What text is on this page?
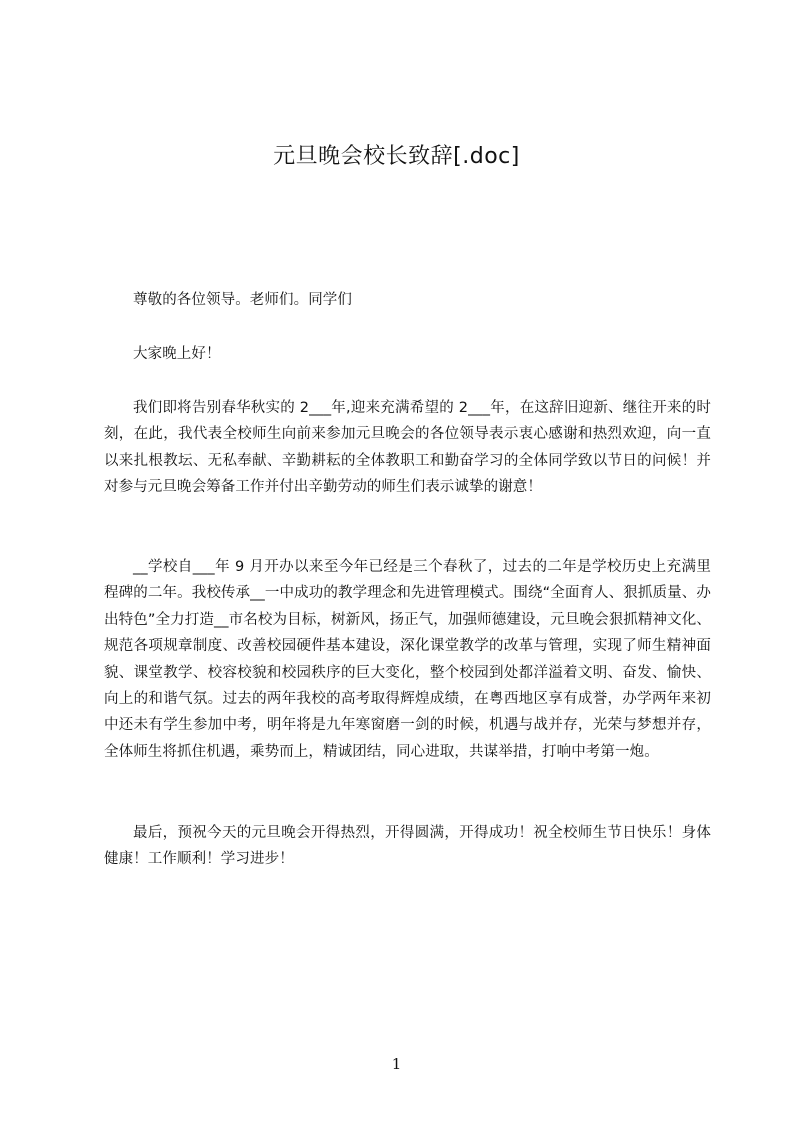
元旦晚会校长致辞[.doc]

尊敬的各位领导。老师们。同学们

大家晚上好！

我们即将告别春华秋实的 2___年,迎来充满希望的 2___年，在这辞旧迎新、继往开来的时刻，在此，我代表全校师生向前来参加元旦晚会的各位领导表示衷心感谢和热烈欢迎，向一直以来扎根教坛、无私奉献、辛勤耕耘的全体教职工和勤奋学习的全体同学致以节日的问候！并对参与元旦晚会筹备工作并付出辛勤劳动的师生们表示诚挚的谢意！

__学校自___年 9 月开办以来至今年已经是三个春秋了，过去的二年是学校历史上充满里程碑的二年。我校传承__一中成功的教学理念和先进管理模式。围绕“全面育人、狠抓质量、办出特色”全力打造__市名校为目标，树新风，扬正气，加强师德建设，元旦晚会狠抓精神文化、规范各项规章制度、改善校园硬件基本建设，深化课堂教学的改革与管理，实现了师生精神面貌、课堂教学、校容校貌和校园秩序的巨大变化，整个校园到处都洋溢着文明、奋发、愉快、向上的和谐气氛。过去的两年我校的高考取得辉煌成绩，在粤西地区享有成誉，办学两年来初中还未有学生参加中考，明年将是九年寒窗磨一剑的时候，机遇与战并存，光荣与梦想并存，全体师生将抓住机遇，乘势而上，精诚团结，同心进取，共谋举措，打响中考第一炮。

最后，预祝今天的元旦晚会开得热烈，开得圆满，开得成功！祝全校师生节日快乐！身体健康！工作顺利！学习进步！

1
